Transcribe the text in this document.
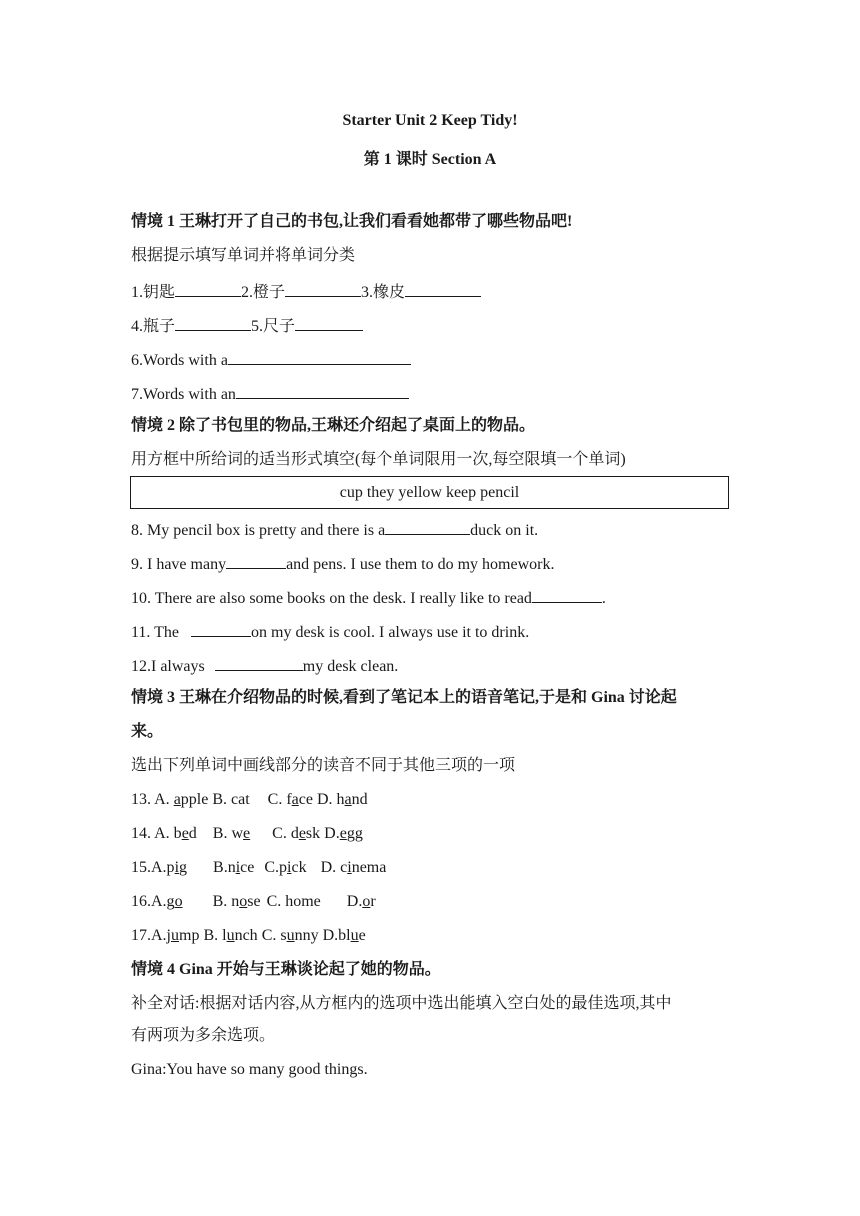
Starter Unit 2 Keep Tidy!
第 1 课时 Section A
情境 1 王琳打开了自己的书包,让我们看看她都带了哪些物品吧!
根据提示填写单词并将单词分类
1.钥匙	2.橙子	3.橡皮
4.瓶子	5.尺子
6.Words with a
7.Words with an
情境 2 除了书包里的物品,王琳还介绍起了桌面上的物品。
用方框中所给词的适当形式填空(每个单词限用一次,每空限填一个单词)
cup they yellow keep pencil
8. My pencil box is pretty and there is a	duck on it.
9. I have many	and pens. I use them to do my homework.
10. There are also some books on the desk. I really like to read	.
11. The	on my desk is cool. I always use it to drink.
12.I always	my desk clean.
情境 3 王琳在介绍物品的时候,看到了笔记本上的语音笔记,于是和 Gina 讨论起
来。
选出下列单词中画线部分的读音不同于其他三项的一项
13. A. apple B. cat C. face D. hand
14. A. bed B. we C. desk D.egg
15.A.pig B.nice C.pick D. cinema
16.A.go B. nose C. home D.or
17.A.jump B. lunch C. sunny D.blue
情境 4 Gina 开始与王琳谈论起了她的物品。
补全对话:根据对话内容,从方框内的选项中选出能填入空白处的最佳选项,其中
有两项为多余选项。
Gina:You have so many good things.
